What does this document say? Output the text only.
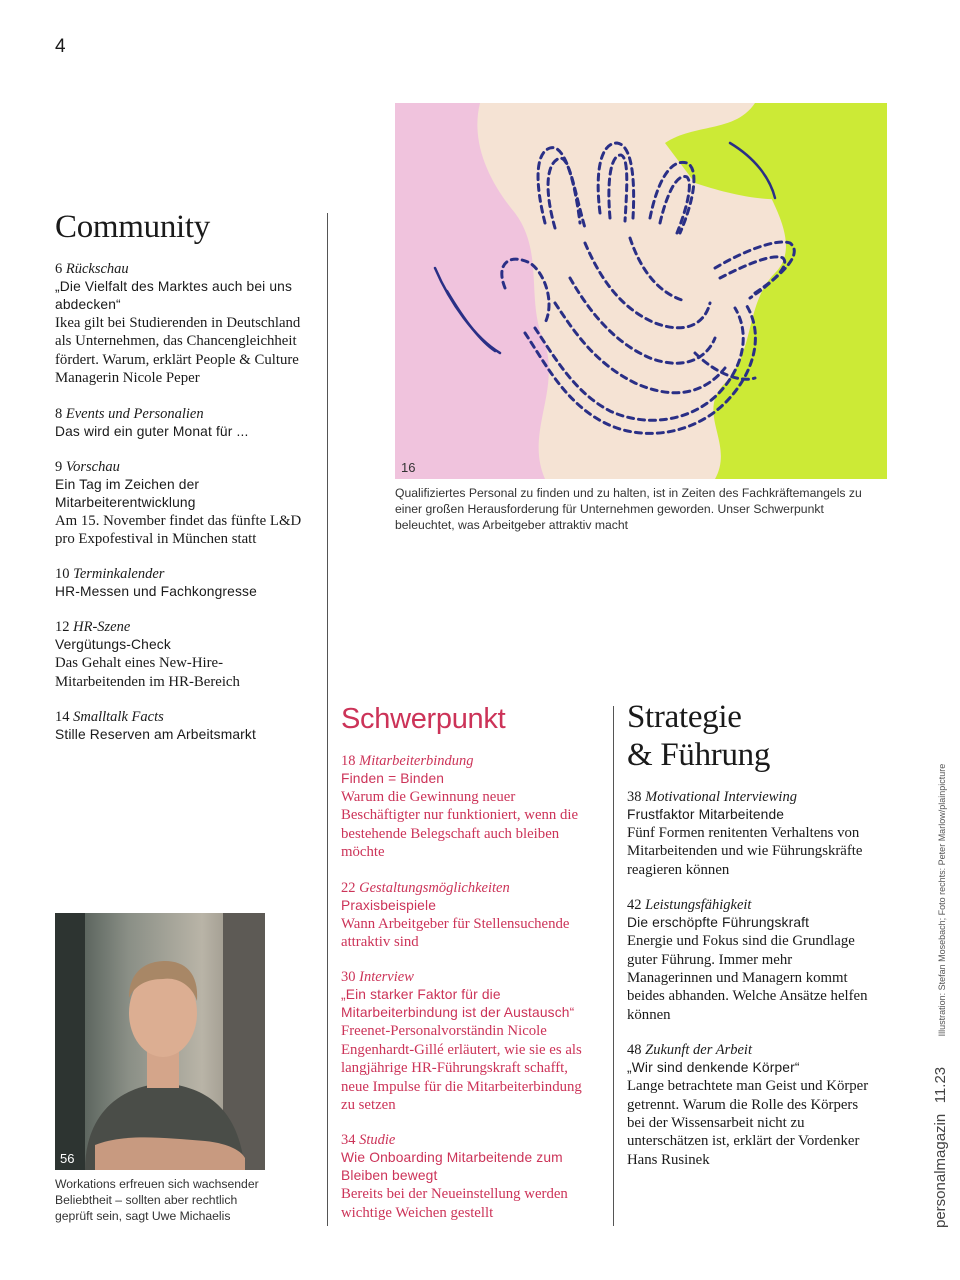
4
16
Qualifiziertes Personal zu finden und zu halten, ist in Zeiten des Fachkräftemangels zu einer großen Herausforderung für Unternehmen geworden. Unser Schwerpunkt beleuchtet, was Arbeitgeber attraktiv macht
Community
6 Rückschau
„Die Vielfalt des Marktes auch bei uns abdecken“
Ikea gilt bei Studierenden in Deutschland als Unternehmen, das Chancengleichheit fördert. Warum, erklärt People & Culture Managerin Nicole Peper
8 Events und Personalien
Das wird ein guter Monat für ...
9 Vorschau
Ein Tag im Zeichen der Mitarbeiterentwicklung
Am 15. November findet das fünfte L&D pro Expofestival in München statt
10 Terminkalender
HR-Messen und Fachkongresse
12 HR-Szene
Vergütungs-Check
Das Gehalt eines New-Hire-Mitarbeitenden im HR-Bereich
14 Smalltalk Facts
Stille Reserven am Arbeitsmarkt
56
Workations erfreuen sich wachsender Beliebtheit – sollten aber rechtlich geprüft sein, sagt Uwe Michaelis
Schwerpunkt
18 Mitarbeiterbindung
Finden = Binden
Warum die Gewinnung neuer Beschäftigter nur funktioniert, wenn die bestehende Belegschaft auch bleiben möchte
22 Gestaltungsmöglichkeiten
Praxisbeispiele
Wann Arbeitgeber für Stellensuchende attraktiv sind
30 Interview
„Ein starker Faktor für die Mitarbeiterbindung ist der Austausch“
Freenet-Personalvorständin Nicole Engenhardt-Gillé erläutert, wie sie es als langjährige HR-Führungskraft schafft, neue Impulse für die Mitarbeiterbindung zu setzen
34 Studie
Wie Onboarding Mitarbeitende zum Bleiben bewegt
Bereits bei der Neueinstellung werden wichtige Weichen gestellt
Strategie
& Führung
38 Motivational Interviewing
Frustfaktor Mitarbeitende
Fünf Formen renitenten Verhaltens von Mitarbeitenden und wie Führungskräfte reagieren können
42 Leistungsfähigkeit
Die erschöpfte Führungskraft
Energie und Fokus sind die Grundlage guter Führung. Immer mehr Managerinnen und Managern kommt beides abhanden. Welche Ansätze helfen können
48 Zukunft der Arbeit
„Wir sind denkende Körper“
Lange betrachtete man Geist und Körper getrennt. Warum die Rolle des Körpers bei der Wissensarbeit nicht zu unterschätzen ist, erklärt der Vordenker Hans Rusinek	personalmagazin 11.23 Illustration: Stefan Mosebach; Foto rechts: Peter Marlow/plainpicture
